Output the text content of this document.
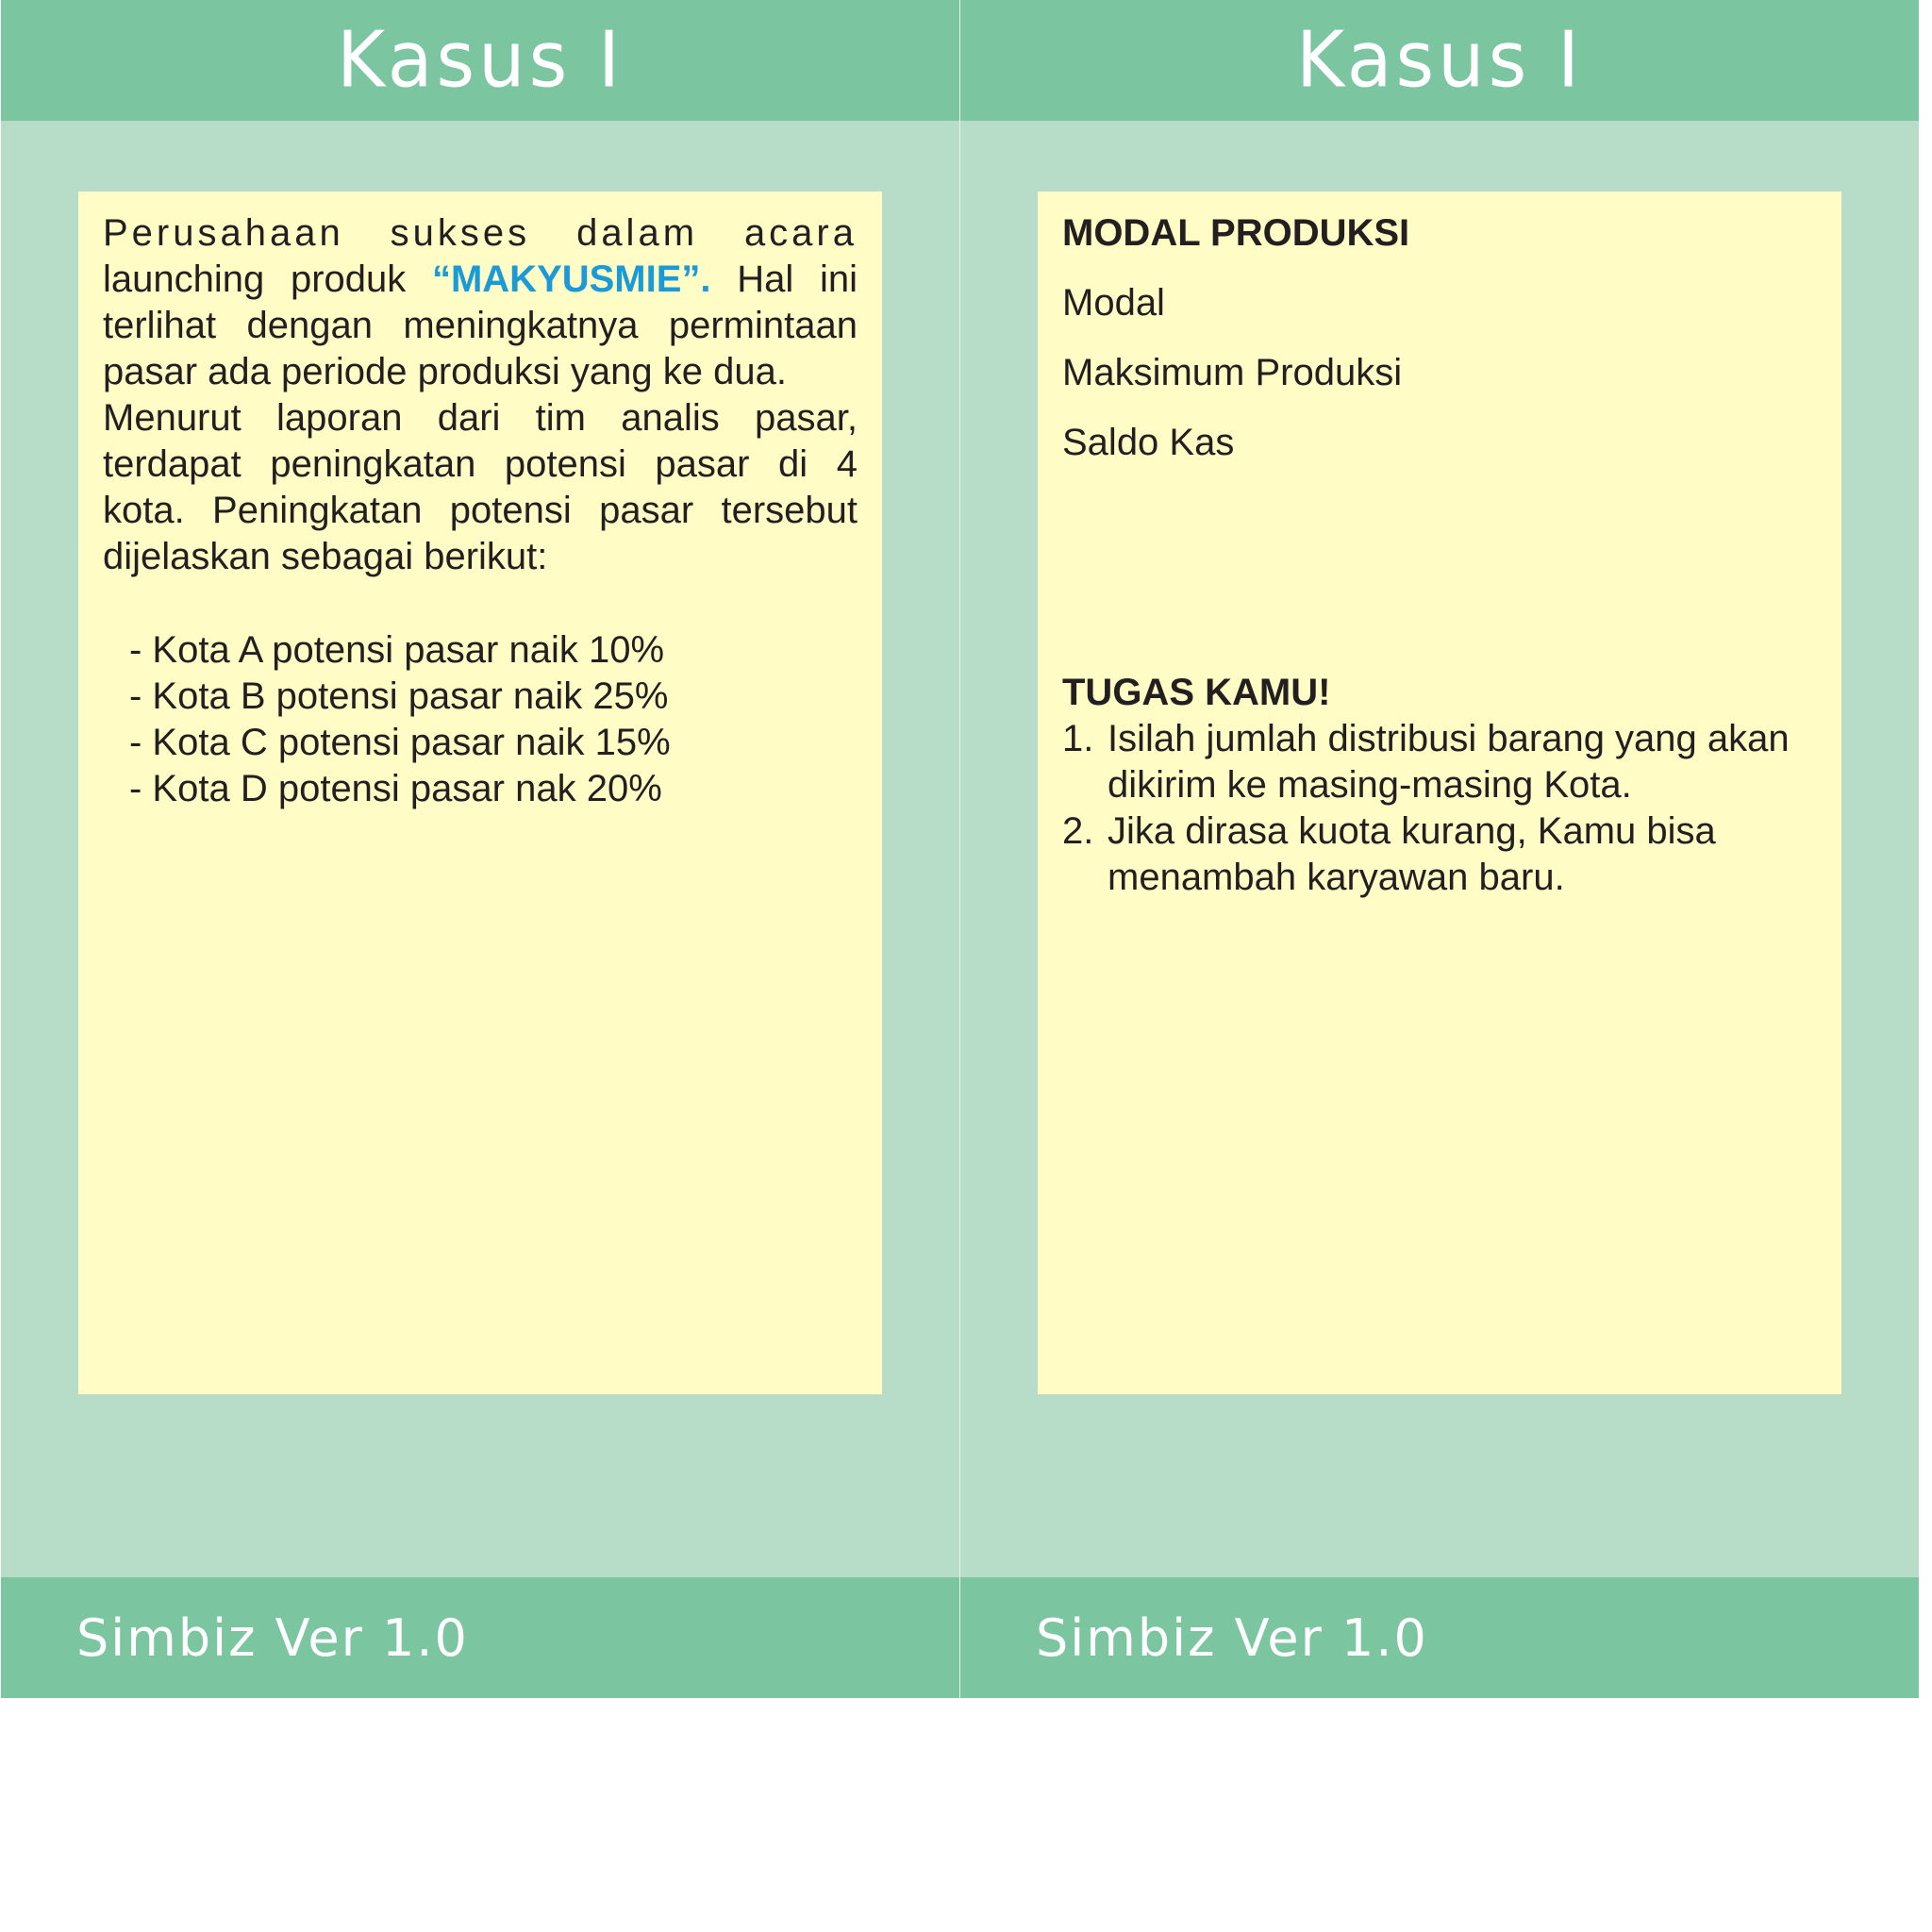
Kasus I

Perusahaan sukses dalam acara
launching produk “MAKYUSMIE”. Hal ini terlihat dengan meningkatnya permintaan pasar ada periode produksi yang ke dua.

Menurut laporan dari tim analis pasar, terdapat peningkatan potensi pasar di 4 kota. Peningkatan potensi pasar tersebut dijelaskan sebagai berikut:

- Kota A potensi pasar naik 10%
- Kota B potensi pasar naik 25%
- Kota C potensi pasar naik 15%
- Kota D potensi pasar nak 20%
Simbiz Ver 1.0
Kasus I
MODAL PRODUKSI
Modal
Maksimum Produksi
Saldo Kas
TUGAS KAMU!
1. Isilah jumlah distribusi barang yang akan dikirim ke masing-masing Kota.
2. Jika dirasa kuota kurang, Kamu bisa menambah karyawan baru.
Simbiz Ver 1.0
